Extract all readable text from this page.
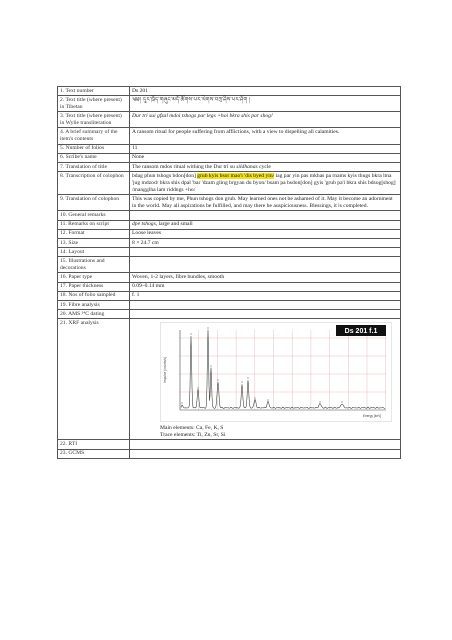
1. Text number	Ds 201
2. Text title (where present) in Tibetan	༄༅། དུར་ཁྲོད་གཞུང་མདོ་ཚོགས་པར་ལེགས་བཀྲ་ཤིས་པར་ཤོག །
3. Text title (where present) in Wylie transliteration	Dur tri sui gfzal mdoi tshogs par legs +hoi bkra shis par shog!
4. A brief summary of the item's contents	A ransom ritual for people suffering from afflictions, with a view to dispelling all calamities.
5. Number of folios	11
6. Scribe's name	None
7. Translation of title	The ransom mdos ritual withing the Dur tri su sildhanas cycle
8. Transcription of colophon	bdag phun tshogs bdon[don] grub kyis bsor mao'i 'dis byed yin/ lag par yin pas mkhas pa rnams kyis thugs bkra lma 'jug mdzod/ bkra shis dpal 'bar 'dzam gling brgyan du byon/ bsam pa bsdon[don] gyis 'grub pa'i bkra shis bdsog[shog] /mangglha lam riddngs +ho/
9. Translation of colophon	This was copied by me, Phun tshogs don grub. May learned ones not be ashamed of it. May it become an adornment in the world. May all aspirations be fulfilled, and may there be auspiciousness. Blessings, it is completed.
10. General remarks	
11. Remarks on script	dpe tshogs, large and small
12. Format	Loose leaves
13. Size	8 × 24.7 cm
14. Layout	
15. Illustrations and decorations	
16. Paper type	Woven, 1-2 layers, fibre bundles, smooth
17. Paper thickness	0.09–0.14 mm
18. Nos of folio sampled	f. 1
19. Fibre analysis	
20. AMS ¹⁴C dating	
21. XRF analysis	Ds 201 f.1
Impulse [counts/s]
Energy [keV]
Main elements: Ca, Fe, K, S
Trace elements: Ti, Zn, Sr, Si

22. RTI	
23. GCMS	
